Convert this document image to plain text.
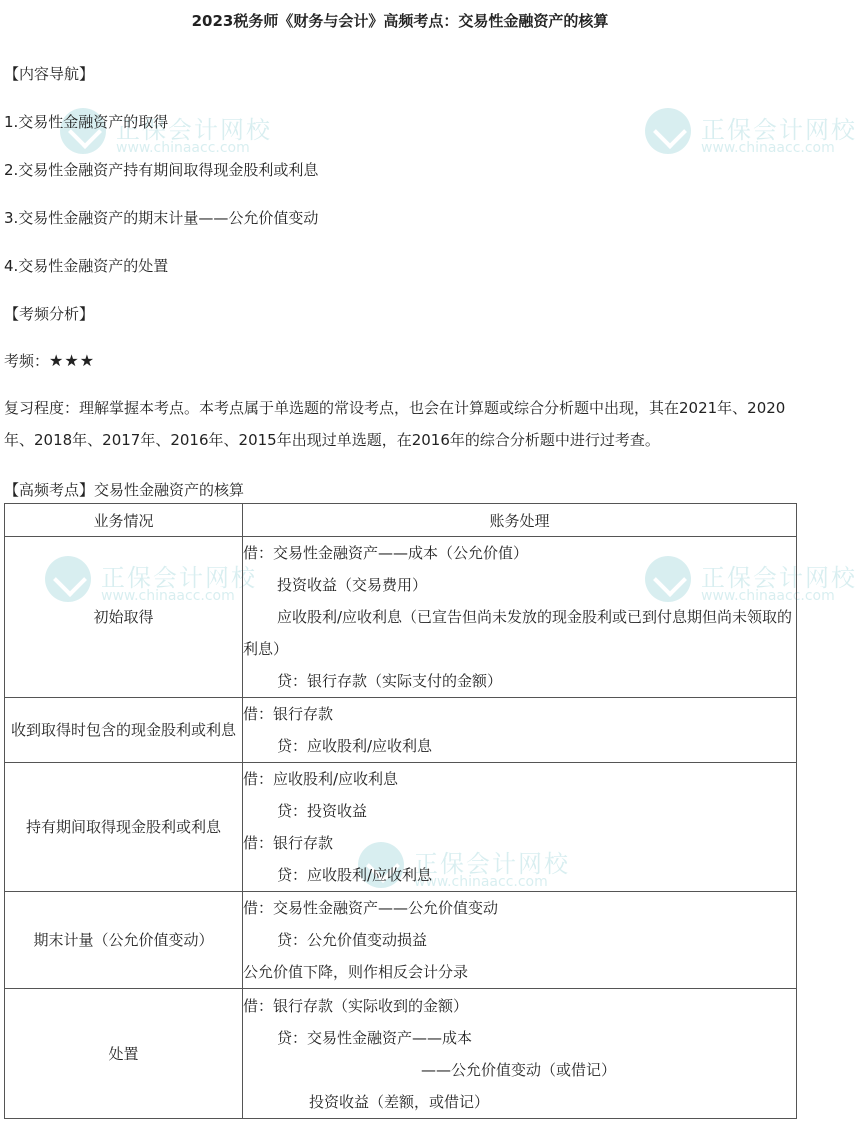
正保会计网校
www.chinaacc.com
正保会计网校
www.chinaacc.com
正保会计网校
www.chinaacc.com
正保会计网校
www.chinaacc.com
正保会计网校
www.chinaacc.com
2023税务师《财务与会计》高频考点：交易性金融资产的核算
【内容导航】
1.交易性金融资产的取得
2.交易性金融资产持有期间取得现金股利或利息
3.交易性金融资产的期末计量——公允价值变动
4.交易性金融资产的处置
【考频分析】
考频：★★★
复习程度：理解掌握本考点。本考点属于单选题的常设考点，也会在计算题或综合分析题中出现，其在2021年、2020年、2018年、2017年、2016年、2015年出现过单选题，在2016年的综合分析题中进行过考查。
【高频考点】交易性金融资产的核算
业务情况	账务处理
初始取得	借：交易性金融资产——成本（公允价值）
投资收益（交易费用）
应收股利/应收利息（已宣告但尚未发放的现金股利或已到付息期但尚未领取的利息）
贷：银行存款（实际支付的金额）

收到取得时包含的现金股利或利息	借：银行存款
贷：应收股利/应收利息

持有期间取得现金股利或利息	借：应收股利/应收利息
贷：投资收益
借：银行存款
贷：应收股利/应收利息

期末计量（公允价值变动）	借：交易性金融资产——公允价值变动
贷：公允价值变动损益
公允价值下降，则作相反会计分录

处置	借：银行存款（实际收到的金额）
贷：交易性金融资产——成本
——公允价值变动（或借记）
投资收益（差额，或借记）
